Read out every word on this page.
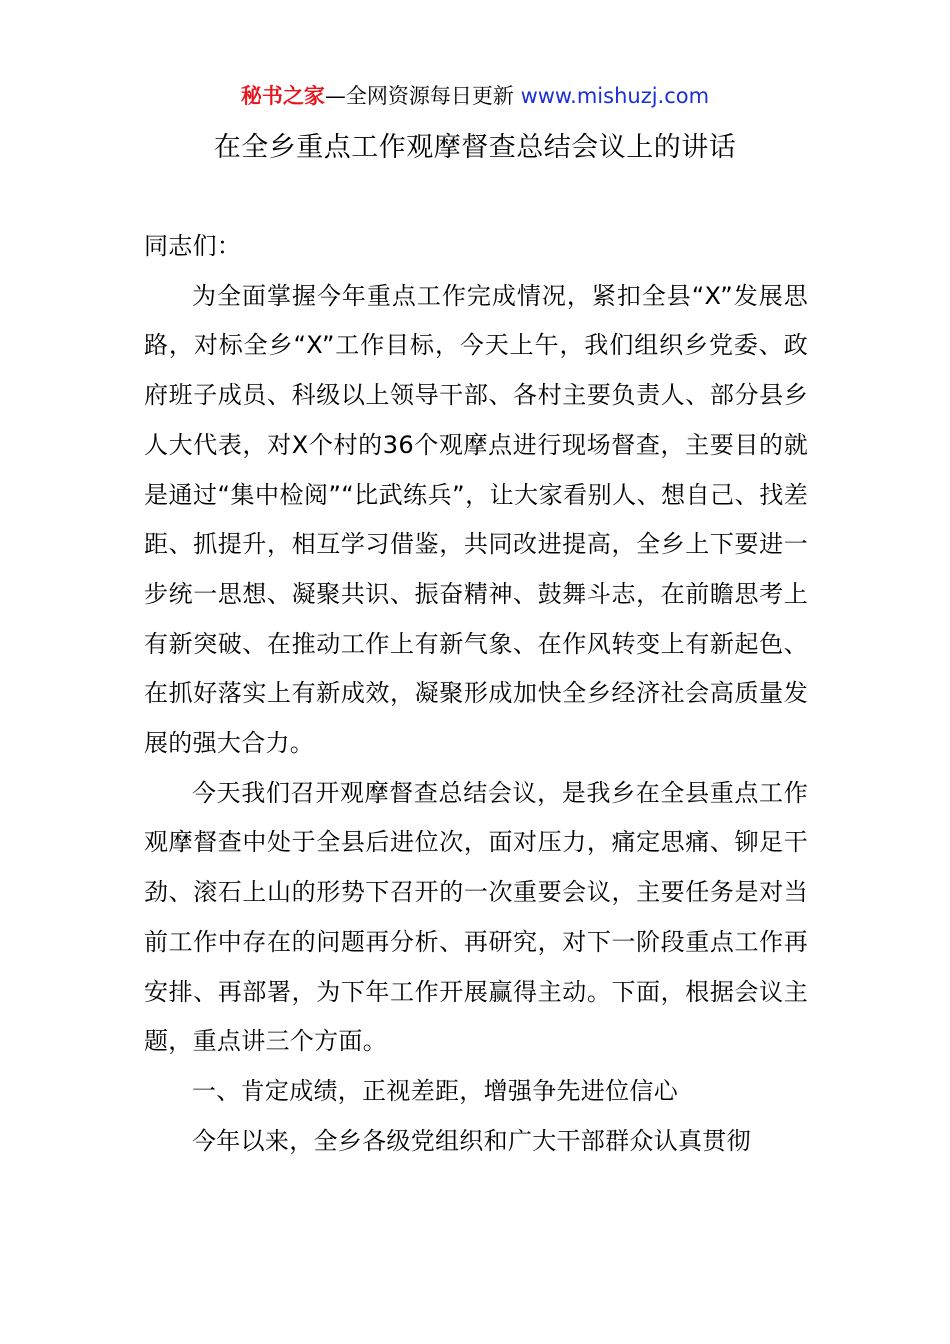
秘书之家—全网资源每日更新 www.mishuzj.com
在全乡重点工作观摩督查总结会议上的讲话

同志们：

为全面掌握今年重点工作完成情况，紧扣全县“X”发展思路，对标全乡“X”工作目标，今天上午，我们组织乡党委、政府班子成员、科级以上领导干部、各村主要负责人、部分县乡人大代表，对X个村的36个观摩点进行现场督查，主要目的就是通过“集中检阅”“比武练兵”，让大家看别人、想自己、找差距、抓提升，相互学习借鉴，共同改进提高，全乡上下要进一步统一思想、凝聚共识、振奋精神、鼓舞斗志，在前瞻思考上有新突破、在推动工作上有新气象、在作风转变上有新起色、在抓好落实上有新成效，凝聚形成加快全乡经济社会高质量发展的强大合力。

今天我们召开观摩督查总结会议，是我乡在全县重点工作观摩督查中处于全县后进位次，面对压力，痛定思痛、铆足干劲、滚石上山的形势下召开的一次重要会议，主要任务是对当前工作中存在的问题再分析、再研究，对下一阶段重点工作再安排、再部署，为下年工作开展赢得主动。下面，根据会议主题，重点讲三个方面。

一、肯定成绩，正视差距，增强争先进位信心

今年以来，全乡各级党组织和广大干部群众认真贯彻
